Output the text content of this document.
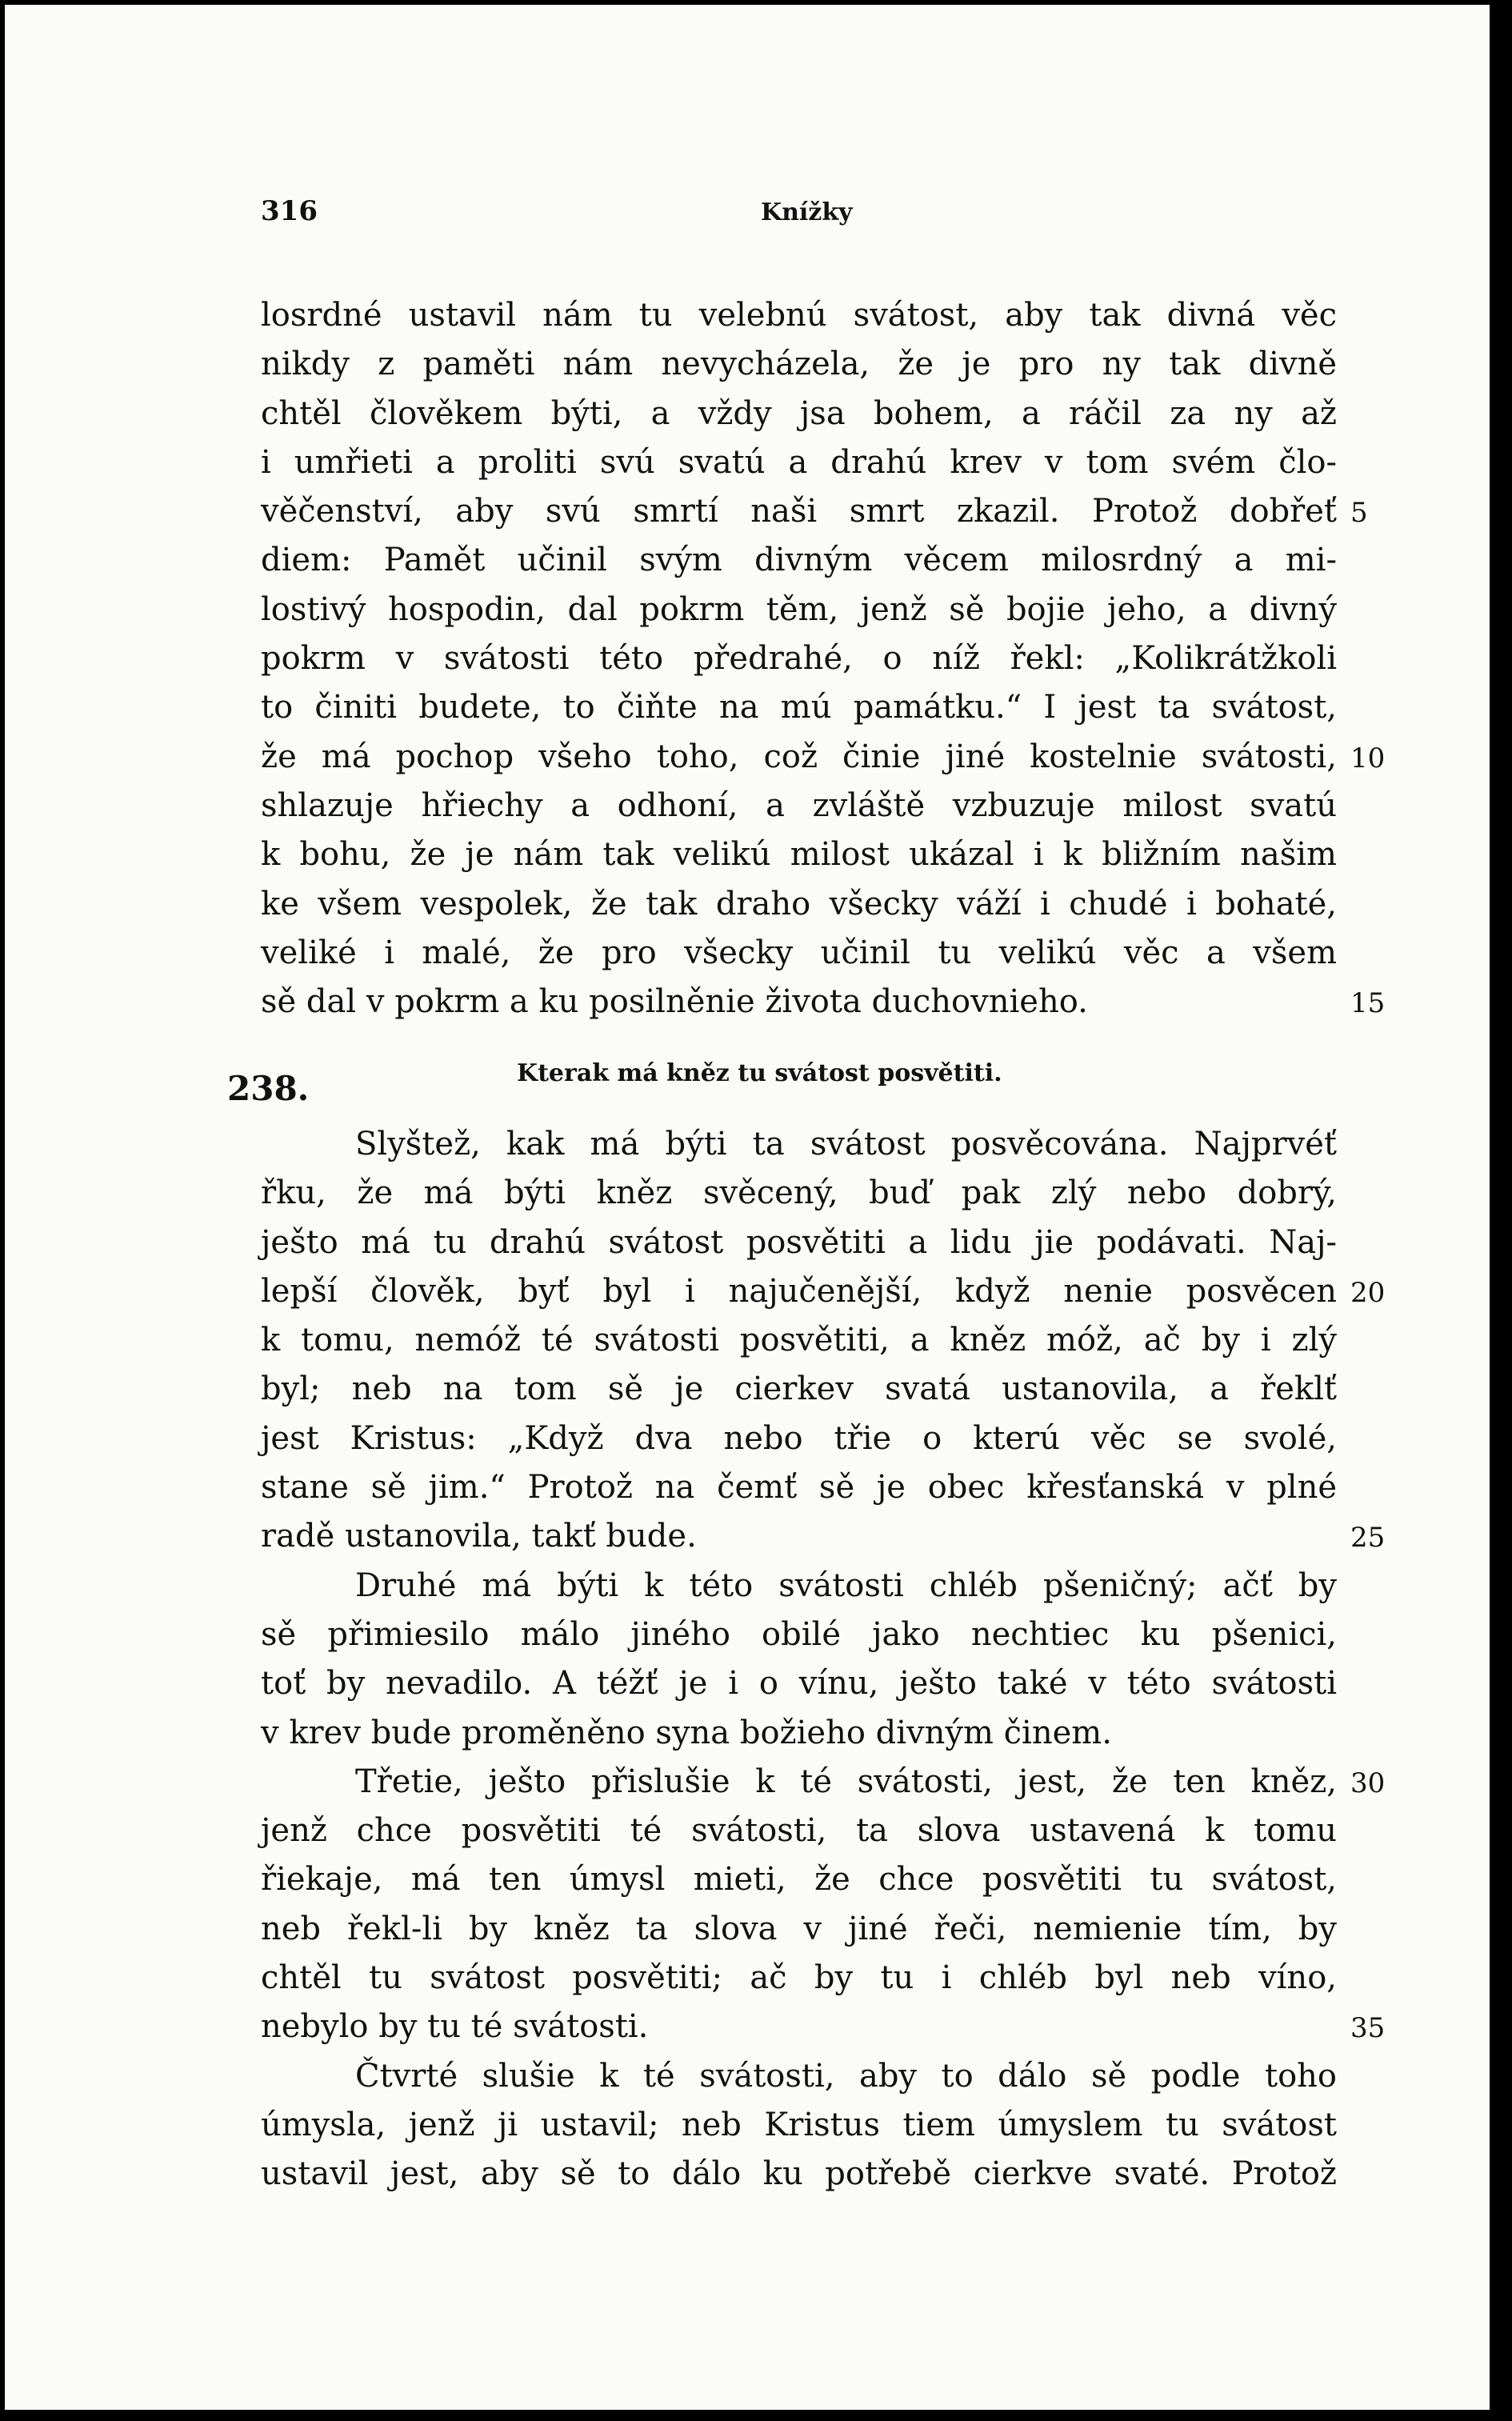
316	Knížky
losrdné ustavil nám tu velebnú svátost, aby tak divná věc
nikdy z paměti nám nevycházela, že je pro ny tak divně
chtěl člověkem býti, a vždy jsa bohem, a ráčil za ny až
i umřieti a proliti svú svatú a drahú krev v tom svém člo-
věčenství, aby svú smrtí naši smrt zkazil. Protož dobřeť 5
diem: Pamět učinil svým divným věcem milosrdný a mi-
lostivý hospodin, dal pokrm těm, jenž sě bojie jeho, a divný
pokrm v svátosti této předrahé, o níž řekl: „Kolikrátžkoli
to činiti budete, to čiňte na mú památku.“ I jest ta svátost,
že má pochop všeho toho, což činie jiné kostelnie svátosti, 10
shlazuje hřiechy a odhoní, a zvláště vzbuzuje milost svatú
k bohu, že je nám tak velikú milost ukázal i k bližním našim
ke všem vespolek, že tak draho všecky váží i chudé i bohaté,
veliké i malé, že pro všecky učinil tu velikú věc a všem
sě dal v pokrm a ku posilněnie života duchovnieho.	15
238.	Kterak má kněz tu svátost posvětiti.
Slyštež, kak má býti ta svátost posvěcována. Najprvéť
řku, že má býti kněz svěcený, buď pak zlý nebo dobrý,
ješto má tu drahú svátost posvětiti a lidu jie podávati. Naj-
lepší člověk, byť byl i najučenější, když nenie posvěcen 20
k tomu, nemóž té svátosti posvětiti, a kněz móž, ač by i zlý
byl; neb na tom sě je cierkev svatá ustanovila, a řeklť
jest Kristus: „Když dva nebo třie o kterú věc se svolé,
stane sě jim.“ Protož na čemť sě je obec křesťanská v plné
radě ustanovila, takť bude.	25
Druhé má býti k této svátosti chléb pšeničný; ačť by
sě přimiesilo málo jiného obilé jako nechtiec ku pšenici,
toť by nevadilo. A téžť je i o vínu, ješto také v této svátosti
v krev bude proměněno syna božieho divným činem.
Třetie, ješto přislušie k té svátosti, jest, že ten kněz, 30
jenž chce posvětiti té svátosti, ta slova ustavená k tomu
řiekaje, má ten úmysl mieti, že chce posvětiti tu svátost,
neb řekl-li by kněz ta slova v jiné řeči, nemienie tím, by
chtěl tu svátost posvětiti; ač by tu i chléb byl neb víno,
nebylo by tu té svátosti.	35
Čtvrté slušie k té svátosti, aby to dálo sě podle toho
úmysla, jenž ji ustavil; neb Kristus tiem úmyslem tu svátost
ustavil jest, aby sě to dálo ku potřebě cierkve svaté. Protož
